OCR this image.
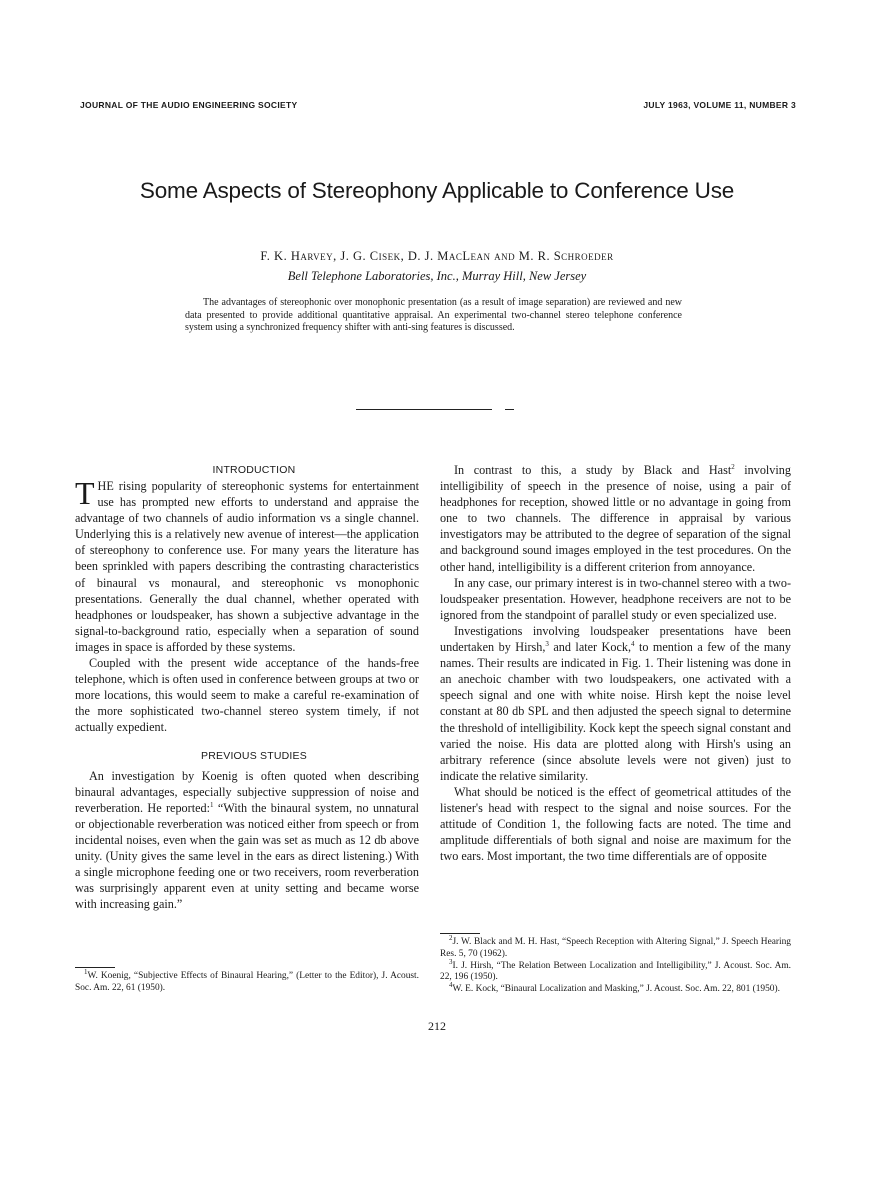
JOURNAL OF THE AUDIO ENGINEERING SOCIETY	JULY 1963, VOLUME 11, NUMBER 3
Some Aspects of Stereophony Applicable to Conference Use
F. K. Harvey, J. G. Cisek, D. J. MacLean and M. R. Schroeder
Bell Telephone Laboratories, Inc., Murray Hill, New Jersey

The advantages of stereophonic over monophonic presentation (as a result of image separation) are reviewed and new data presented to provide additional quantitative appraisal. An experimental two-channel stereo telephone conference system using a synchronized frequency shifter with anti-sing features is discussed.

INTRODUCTION

THE rising popularity of stereophonic systems for entertainment use has prompted new efforts to understand and appraise the advantage of two channels of audio information vs a single channel. Underlying this is a relatively new avenue of interest—the application of stereophony to conference use. For many years the literature has been sprinkled with papers describing the contrasting characteristics of binaural vs monaural, and stereophonic vs monophonic presentations. Generally the dual channel, whether operated with headphones or loudspeaker, has shown a subjective advantage in the signal-to-background ratio, especially when a separation of sound images in space is afforded by these systems.

Coupled with the present wide acceptance of the hands-free telephone, which is often used in conference between groups at two or more locations, this would seem to make a careful re-examination of the more sophisticated two-channel stereo system timely, if not actually expedient.

PREVIOUS STUDIES

An investigation by Koenig is often quoted when describing binaural advantages, especially subjective suppression of noise and reverberation. He reported:$^1$ “With the binaural system, no unnatural or objectionable reverberation was noticed either from speech or from incidental noises, even when the gain was set as much as 12 db above unity. (Unity gives the same level in the ears as direct listening.) With a single microphone feeding one or two receivers, room reverberation was surprisingly apparent even at unity setting and became worse with increasing gain.”

In contrast to this, a study by Black and Hast$^2$ involving intelligibility of speech in the presence of noise, using a pair of headphones for reception, showed little or no advantage in going from one to two channels. The difference in appraisal by various investigators may be attributed to the degree of separation of the signal and background sound images employed in the test procedures. On the other hand, intelligibility is a different criterion from annoyance.

In any case, our primary interest is in two-channel stereo with a two-loudspeaker presentation. However, headphone receivers are not to be ignored from the standpoint of parallel study or even specialized use.

Investigations involving loudspeaker presentations have been undertaken by Hirsh,$^3$ and later Kock,$^4$ to mention a few of the many names. Their results are indicated in Fig. 1. Their listening was done in an anechoic chamber with two loudspeakers, one activated with a speech signal and one with white noise. Hirsh kept the noise level constant at 80 db SPL and then adjusted the speech signal to determine the threshold of intelligibility. Kock kept the speech signal constant and varied the noise. His data are plotted along with Hirsh's using an arbitrary reference (since absolute levels were not given) just to indicate the relative similarity.

What should be noticed is the effect of geometrical attitudes of the listener's head with respect to the signal and noise sources. For the attitude of Condition 1, the following facts are noted. The time and amplitude differentials of both signal and noise are maximum for the two ears. Most important, the two time differentials are of opposite

$^1$W. Koenig, “Subjective Effects of Binaural Hearing,” (Letter to the Editor), J. Acoust. Soc. Am. 22, 61 (1950).

$^2$J. W. Black and M. H. Hast, “Speech Reception with Altering Signal,” J. Speech Hearing Res. 5, 70 (1962).

$^3$I. J. Hirsh, “The Relation Between Localization and Intelligibility,” J. Acoust. Soc. Am. 22, 196 (1950).

$^4$W. E. Kock, “Binaural Localization and Masking,” J. Acoust. Soc. Am. 22, 801 (1950).

212
